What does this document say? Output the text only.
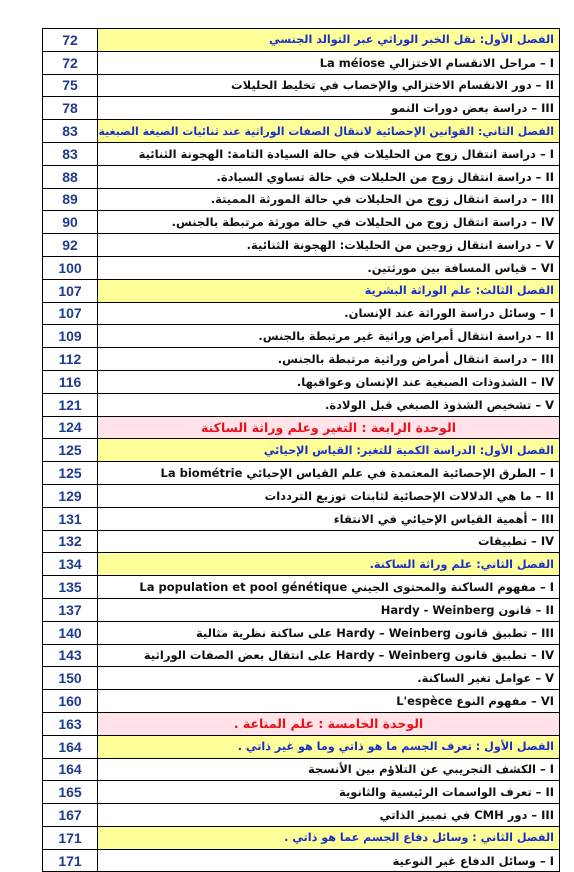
72	الفصل الأول: نقل الخبر الوراثي عبر التوالد الجنسي
72	I – مراحل الانقسام الاختزالي La méiose
75	II – دور الانقسام الاختزالي والإخصاب في تخليط الحليلات
78	III – دراسة بعض دورات النمو
83	الفصل الثاني: القوانين الإحصائية لانتقال الصفات الوراثية عند ثنائيات الصيغة الصبغية
83	I – دراسة انتقال زوج من الحليلات في حالة السيادة التامة: الهجونة الثنائية
88	II – دراسة انتقال زوج من الحليلات في حالة تساوي السيادة.
89	III – دراسة انتقال زوج من الحليلات في حالة المورثة المميتة.
90	IV – دراسة انتقال زوج من الحليلات في حالة مورثة مرتبطة بالجنس.
92	V – دراسة انتقال زوجين من الحليلات: الهجونة الثنائية.
100	VI – قياس المسافة بين مورثتين.
107	الفصل الثالث: علم الوراثة البشرية
107	I – وسائل دراسة الوراثة عند الإنسان.
109	II – دراسة انتقال أمراض وراثية غير مرتبطة بالجنس.
112	III – دراسة انتقال أمراض وراثية مرتبطة بالجنس.
116	IV – الشذوذات الصبغية عند الإنسان وعواقبها.
121	V – تشخيص الشذوذ الصبغي قبل الولادة.
124	الوحدة الرابعة : التغير وعلم وراثة الساكنة
125	الفصل الأول: الدراسة الكمية للتغير: القياس الإحيائي
125	I – الطرق الإحصائية المعتمدة في علم القياس الإحيائي La biométrie
129	II – ما هي الدلالات الإحصائية لثابتات توزيع الترددات
131	III – أهمية القياس الإحيائي في الانتقاء
132	IV – تطبيقات
134	الفصل الثاني: علم وراثة الساكنة.
135	I – مفهوم الساكنة والمحتوى الجيني La population et pool génétique
137	II – قانون Hardy - Weinberg
140	III – تطبيق قانون Hardy – Weinberg على ساكنة نظرية مثالية
143	IV – تطبيق قانون Hardy – Weinberg على انتقال بعض الصفات الوراثية
150	V – عوامل تغير الساكنة.
160	VI – مفهوم النوع L'espèce
163	الوحدة الخامسة : علم المناعة .
164	الفصل الأول : تعرف الجسم ما هو ذاتي وما هو غير ذاتي .
164	I – الكشف التجريبي عن التلاؤم بين الأنسجة
165	II – تعرف الواسمات الرئيسية والثانوية
167	III – دور CMH في تمييز الذاتي
171	الفصل الثاني : وسائل دفاع الجسم عما هو ذاتي .
171	I – وسائل الدفاع غير النوعية
